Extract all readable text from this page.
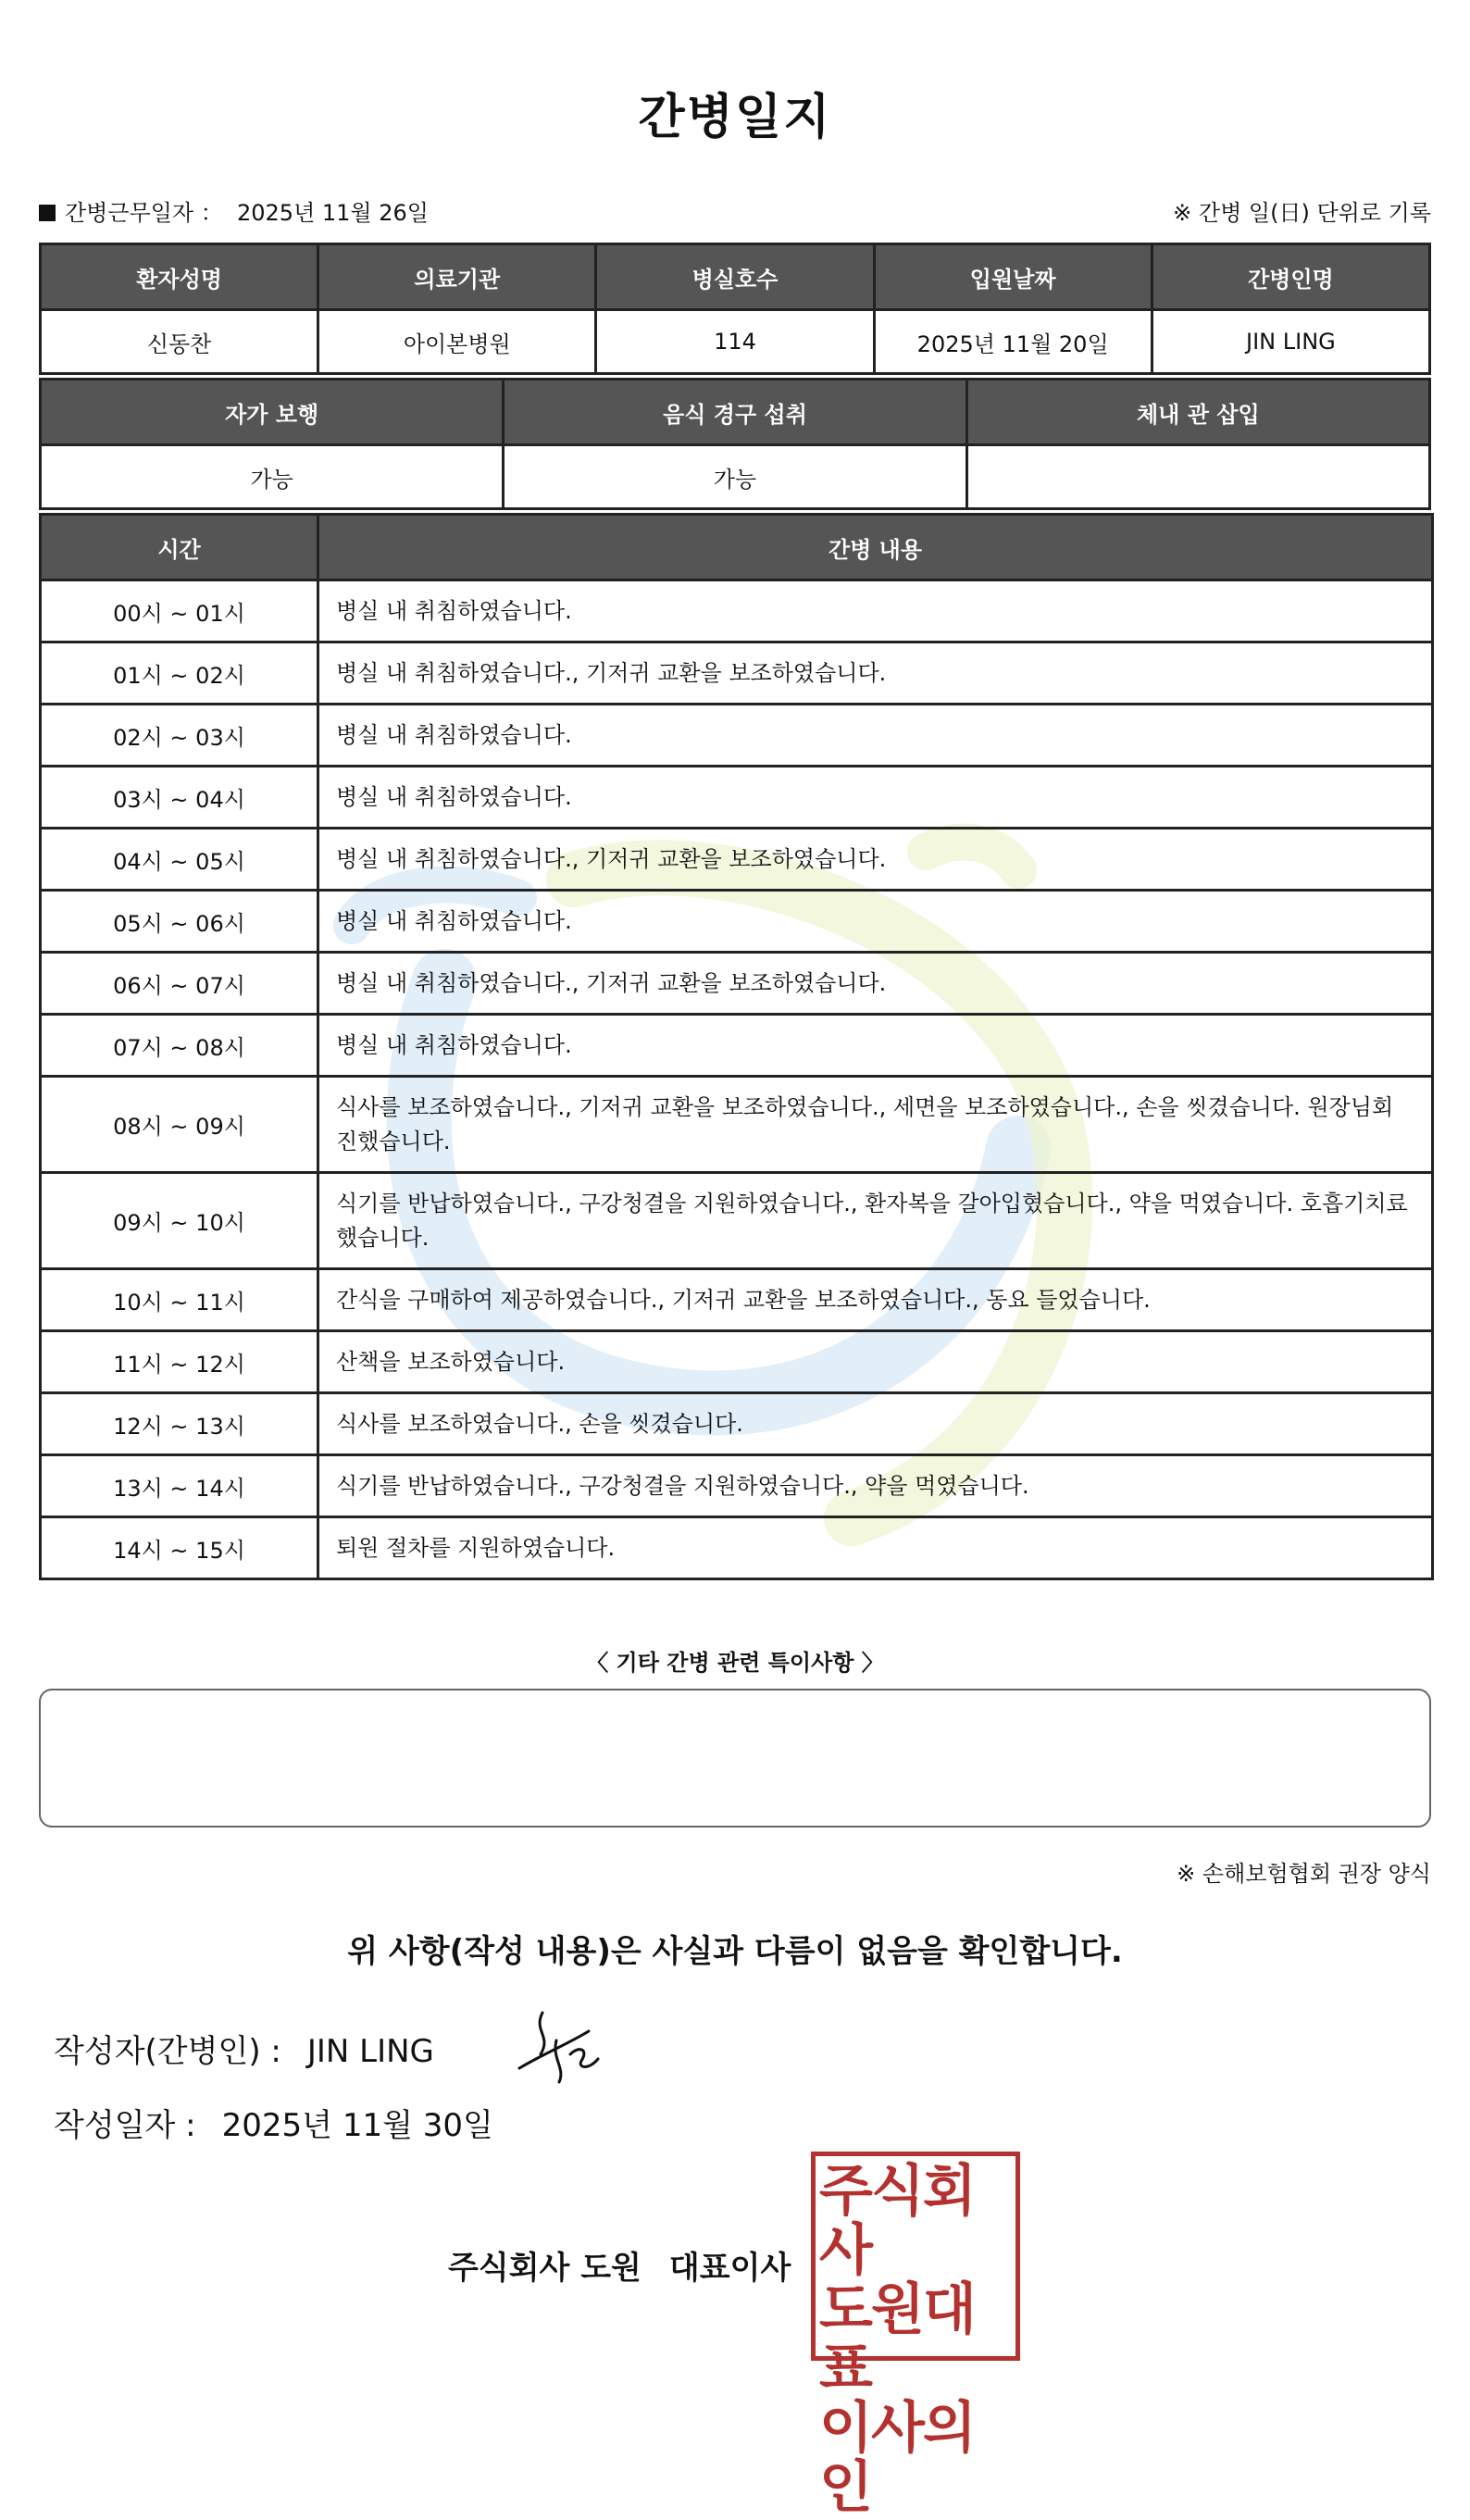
간병일지
간병근무일자 ： 2025년 11월 26일	※ 간병 일(日) 단위로 기록
환자성명	의료기관	병실호수	입원날짜	간병인명
신동찬	아이본병원	114	2025년 11월 20일	JIN LING
자가 보행	음식 경구 섭취	체내 관 삽입
가능	가능	
시간	간병 내용
00시 ~ 01시	병실 내 취침하였습니다.
01시 ~ 02시	병실 내 취침하였습니다., 기저귀 교환을 보조하였습니다.
02시 ~ 03시	병실 내 취침하였습니다.
03시 ~ 04시	병실 내 취침하였습니다.
04시 ~ 05시	병실 내 취침하였습니다., 기저귀 교환을 보조하였습니다.
05시 ~ 06시	병실 내 취침하였습니다.
06시 ~ 07시	병실 내 취침하였습니다., 기저귀 교환을 보조하였습니다.
07시 ~ 08시	병실 내 취침하였습니다.
08시 ~ 09시	식사를 보조하였습니다., 기저귀 교환을 보조하였습니다., 세면을 보조하였습니다., 손을 씻겼습니다. 원장님회진했습니다.
09시 ~ 10시	식기를 반납하였습니다., 구강청결을 지원하였습니다., 환자복을 갈아입혔습니다., 약을 먹였습니다. 호흡기치료했습니다.
10시 ~ 11시	간식을 구매하여 제공하였습니다., 기저귀 교환을 보조하였습니다., 동요 들었습니다.
11시 ~ 12시	산책을 보조하였습니다.
12시 ~ 13시	식사를 보조하였습니다., 손을 씻겼습니다.
13시 ~ 14시	식기를 반납하였습니다., 구강청결을 지원하였습니다., 약을 먹였습니다.
14시 ~ 15시	퇴원 절차를 지원하였습니다.
〈 기타 간병 관련 특이사항 〉
※ 손해보험협회 권장 양식
위 사항(작성 내용)은 사실과 다름이 없음을 확인합니다.
작성자(간병인) : JIN LING
작성일자 : 2025년 11월 30일
주식회사 도원 대표이사
주식회사
도원대표
이사의인
